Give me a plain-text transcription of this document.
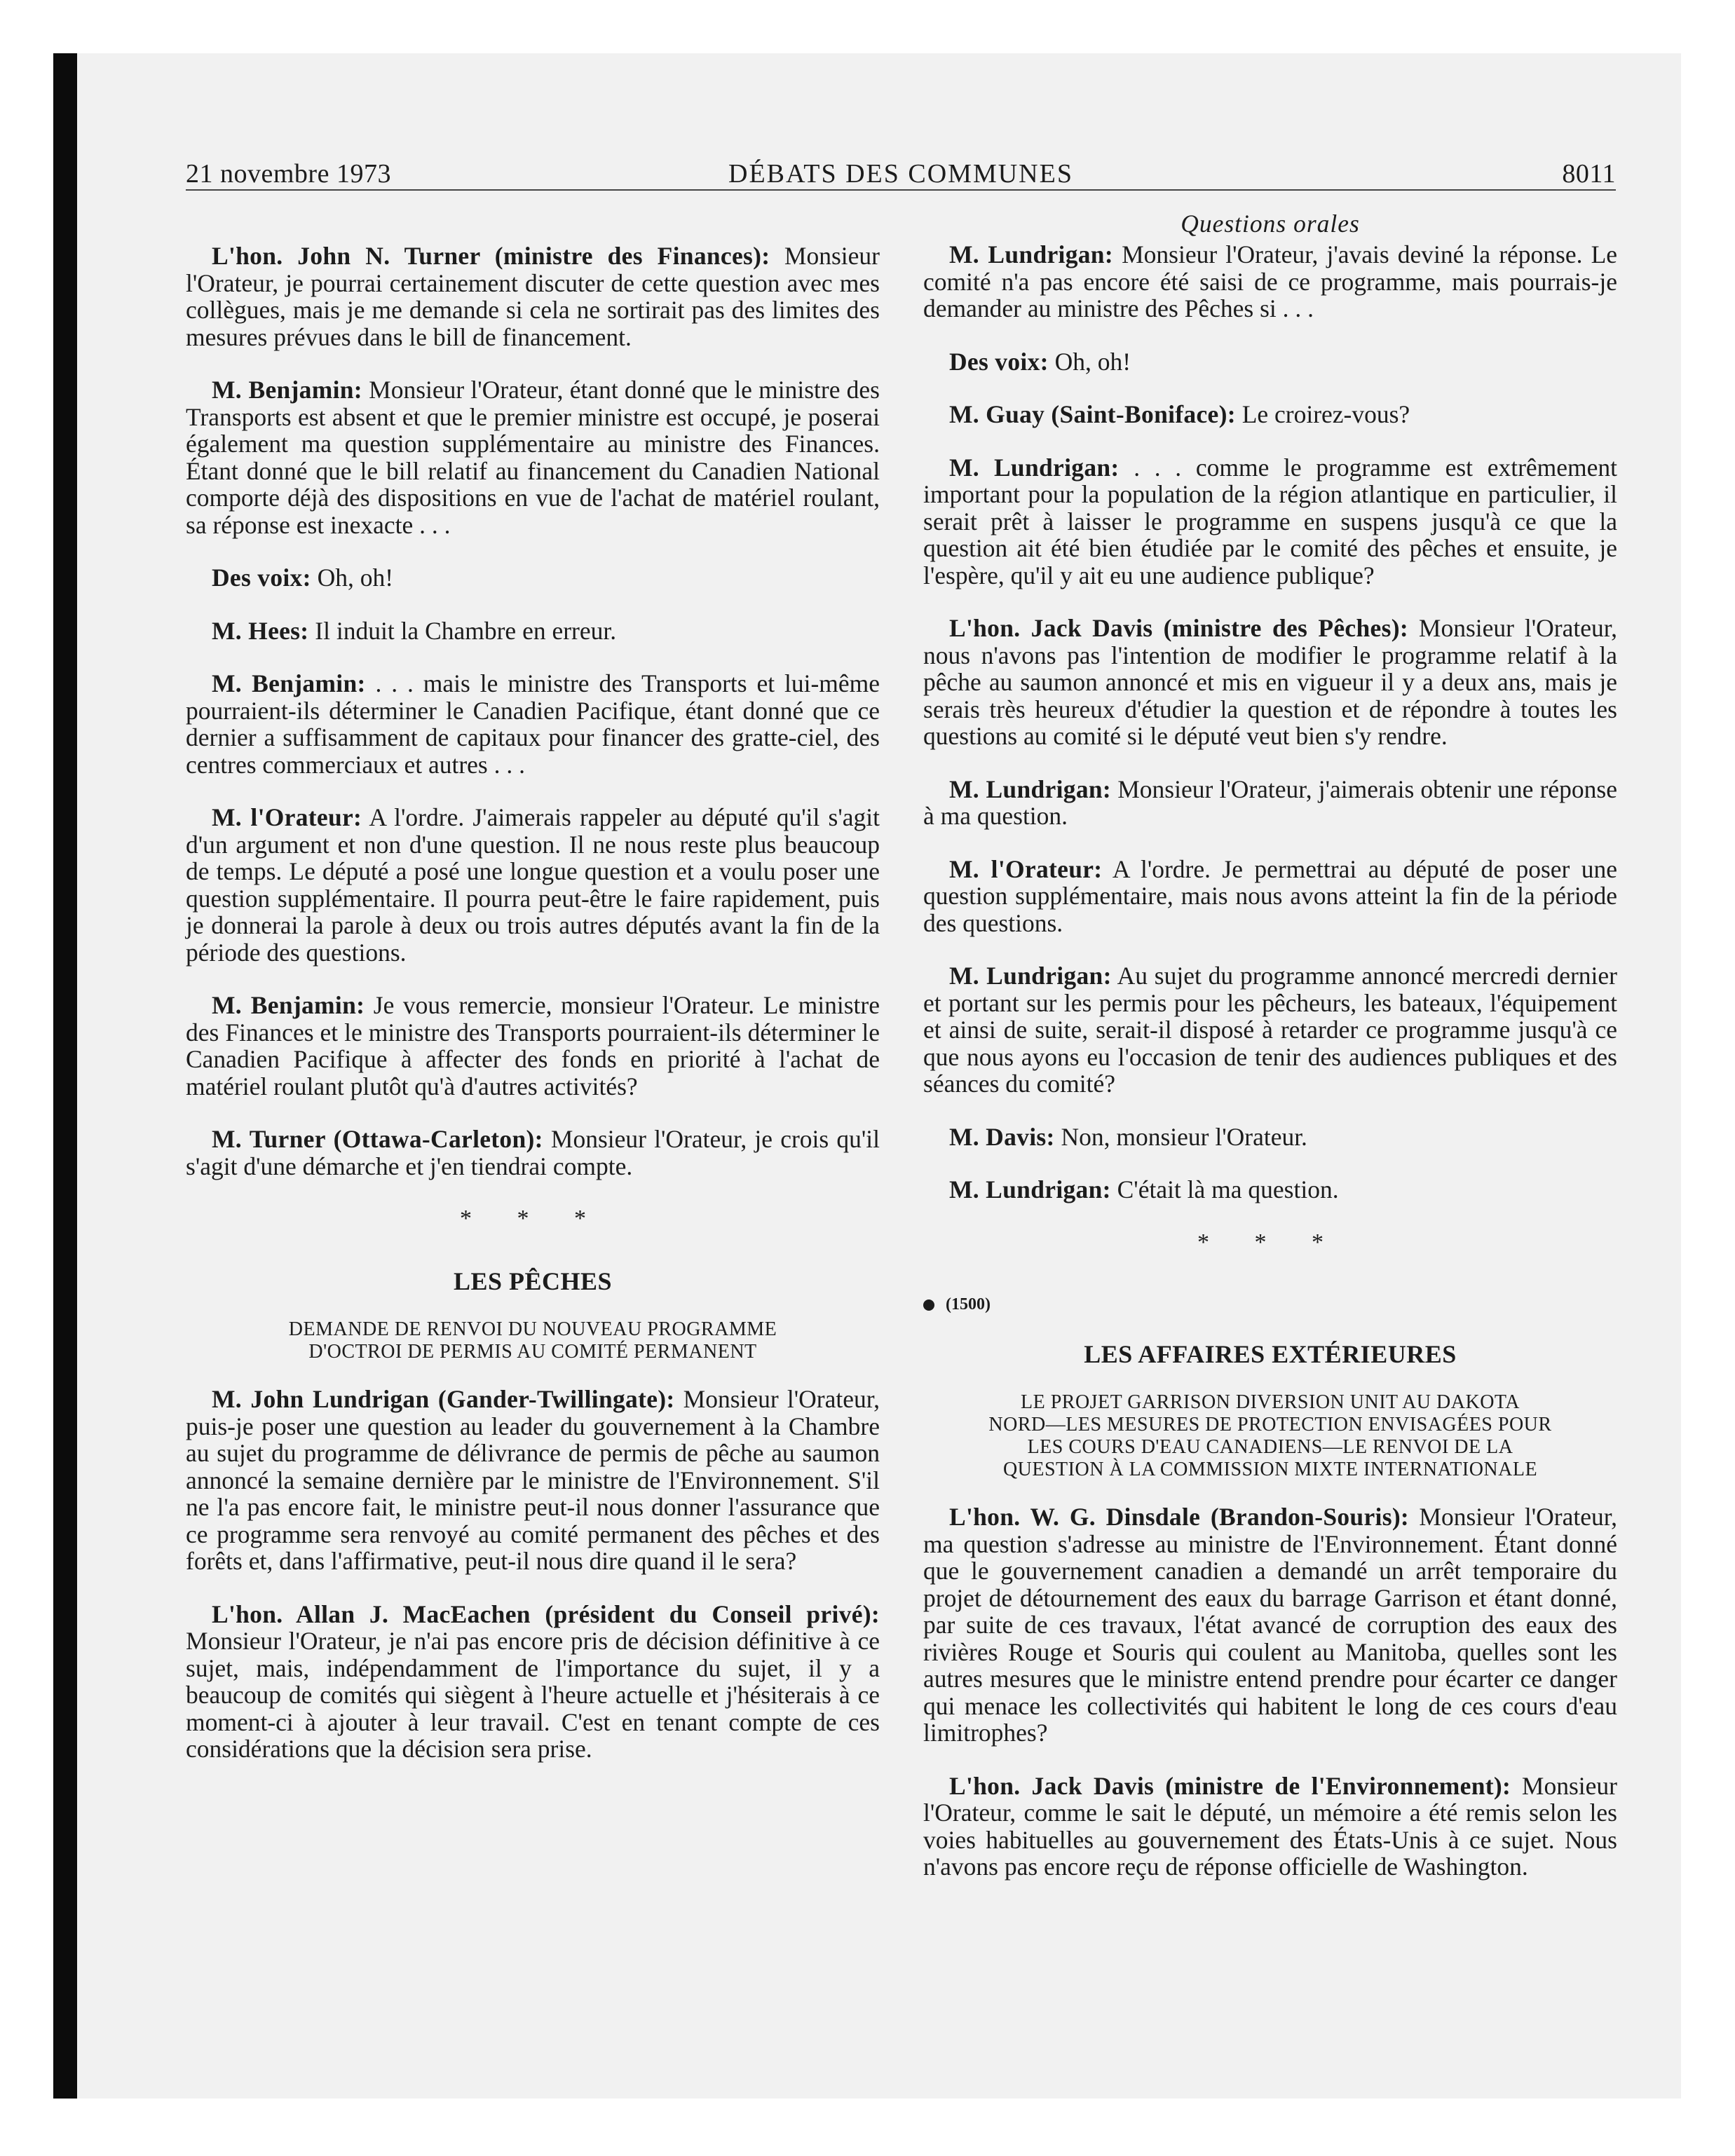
21 novembre 1973	DÉBATS DES COMMUNES	8011

L'hon. John N. Turner (ministre des Finances): Monsieur l'Orateur, je pourrai certainement discuter de cette question avec mes collègues, mais je me demande si cela ne sortirait pas des limites des mesures prévues dans le bill de financement.

M. Benjamin: Monsieur l'Orateur, étant donné que le ministre des Transports est absent et que le premier ministre est occupé, je poserai également ma question supplémentaire au ministre des Finances. Étant donné que le bill relatif au financement du Canadien National comporte déjà des dispositions en vue de l'achat de matériel roulant, sa réponse est inexacte . . .

Des voix: Oh, oh!

M. Hees: Il induit la Chambre en erreur.

M. Benjamin: . . . mais le ministre des Transports et lui-même pourraient-ils déterminer le Canadien Pacifique, étant donné que ce dernier a suffisamment de capitaux pour financer des gratte-ciel, des centres commerciaux et autres . . .

M. l'Orateur: A l'ordre. J'aimerais rappeler au député qu'il s'agit d'un argument et non d'une question. Il ne nous reste plus beaucoup de temps. Le député a posé une longue question et a voulu poser une question supplémentaire. Il pourra peut-être le faire rapidement, puis je donnerai la parole à deux ou trois autres députés avant la fin de la période des questions.

M. Benjamin: Je vous remercie, monsieur l'Orateur. Le ministre des Finances et le ministre des Transports pourraient-ils déterminer le Canadien Pacifique à affecter des fonds en priorité à l'achat de matériel roulant plutôt qu'à d'autres activités?

M. Turner (Ottawa-Carleton): Monsieur l'Orateur, je crois qu'il s'agit d'une démarche et j'en tiendrai compte.

* * *
LES PÊCHES
DEMANDE DE RENVOI DU NOUVEAU PROGRAMME
D'OCTROI DE PERMIS AU COMITÉ PERMANENT

M. John Lundrigan (Gander-Twillingate): Monsieur l'Orateur, puis-je poser une question au leader du gouvernement à la Chambre au sujet du programme de délivrance de permis de pêche au saumon annoncé la semaine dernière par le ministre de l'Environnement. S'il ne l'a pas encore fait, le ministre peut-il nous donner l'assurance que ce programme sera renvoyé au comité permanent des pêches et des forêts et, dans l'affirmative, peut-il nous dire quand il le sera?

L'hon. Allan J. MacEachen (président du Conseil privé): Monsieur l'Orateur, je n'ai pas encore pris de décision définitive à ce sujet, mais, indépendamment de l'importance du sujet, il y a beaucoup de comités qui siègent à l'heure actuelle et j'hésiterais à ce moment-ci à ajouter à leur travail. C'est en tenant compte de ces considérations que la décision sera prise.

Questions orales

M. Lundrigan: Monsieur l'Orateur, j'avais deviné la réponse. Le comité n'a pas encore été saisi de ce programme, mais pourrais-je demander au ministre des Pêches si . . .

Des voix: Oh, oh!

M. Guay (Saint-Boniface): Le croirez-vous?

M. Lundrigan: . . . comme le programme est extrêmement important pour la population de la région atlantique en particulier, il serait prêt à laisser le programme en suspens jusqu'à ce que la question ait été bien étudiée par le comité des pêches et ensuite, je l'espère, qu'il y ait eu une audience publique?

L'hon. Jack Davis (ministre des Pêches): Monsieur l'Orateur, nous n'avons pas l'intention de modifier le programme relatif à la pêche au saumon annoncé et mis en vigueur il y a deux ans, mais je serais très heureux d'étudier la question et de répondre à toutes les questions au comité si le député veut bien s'y rendre.

M. Lundrigan: Monsieur l'Orateur, j'aimerais obtenir une réponse à ma question.

M. l'Orateur: A l'ordre. Je permettrai au député de poser une question supplémentaire, mais nous avons atteint la fin de la période des questions.

M. Lundrigan: Au sujet du programme annoncé mercredi dernier et portant sur les permis pour les pêcheurs, les bateaux, l'équipement et ainsi de suite, serait-il disposé à retarder ce programme jusqu'à ce que nous ayons eu l'occasion de tenir des audiences publiques et des séances du comité?

M. Davis: Non, monsieur l'Orateur.

M. Lundrigan: C'était là ma question.

* * *
(1500)
LES AFFAIRES EXTÉRIEURES
LE PROJET GARRISON DIVERSION UNIT AU DAKOTA
NORD—LES MESURES DE PROTECTION ENVISAGÉES POUR
LES COURS D'EAU CANADIENS—LE RENVOI DE LA
QUESTION À LA COMMISSION MIXTE INTERNATIONALE

L'hon. W. G. Dinsdale (Brandon-Souris): Monsieur l'Orateur, ma question s'adresse au ministre de l'Environnement. Étant donné que le gouvernement canadien a demandé un arrêt temporaire du projet de détournement des eaux du barrage Garrison et étant donné, par suite de ces travaux, l'état avancé de corruption des eaux des rivières Rouge et Souris qui coulent au Manitoba, quelles sont les autres mesures que le ministre entend prendre pour écarter ce danger qui menace les collectivités qui habitent le long de ces cours d'eau limitrophes?

L'hon. Jack Davis (ministre de l'Environnement): Monsieur l'Orateur, comme le sait le député, un mémoire a été remis selon les voies habituelles au gouvernement des États-Unis à ce sujet. Nous n'avons pas encore reçu de réponse officielle de Washington.
